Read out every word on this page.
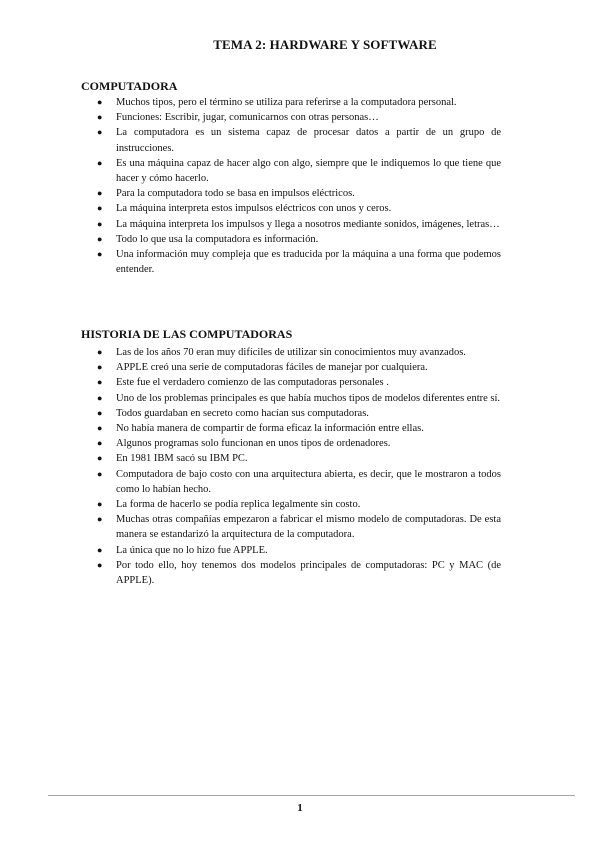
TEMA 2: HARDWARE Y SOFTWARE
COMPUTADORA
● Muchos tipos, pero el término se utiliza para referirse a la computadora personal.
● Funciones: Escribir, jugar, comunicarnos con otras personas…
● La computadora es un sistema capaz de procesar datos a partir de un grupo de instrucciones.
● Es una máquina capaz de hacer algo con algo, siempre que le indiquemos lo que tiene que hacer y cómo hacerlo.
● Para la computadora todo se basa en impulsos eléctricos.
● La máquina interpreta estos impulsos eléctricos con unos y ceros.
● La máquina interpreta los impulsos y llega a nosotros mediante sonidos, imágenes, letras…
● Todo lo que usa la computadora es información.
● Una información muy compleja que es traducida por la máquina a una forma que podemos entender.
HISTORIA DE LAS COMPUTADORAS
● Las de los años 70 eran muy difíciles de utilizar sin conocimientos muy avanzados.
● APPLE creó una serie de computadoras fáciles de manejar por cualquiera.
● Este fue el verdadero comienzo de las computadoras personales .
● Uno de los problemas principales es que había muchos tipos de modelos diferentes entre sí.
● Todos guardaban en secreto como hacían sus computadoras.
● No había manera de compartir de forma eficaz la información entre ellas.
● Algunos programas solo funcionan en unos tipos de ordenadores.
● En 1981 IBM sacó su IBM PC.
● Computadora de bajo costo con una arquitectura abierta, es decir, que le mostraron a todos como lo habían hecho.
● La forma de hacerlo se podía replica legalmente sin costo.
● Muchas otras compañías empezaron a fabricar el mismo modelo de computadoras. De esta manera se estandarizó la arquitectura de la computadora.
● La única que no lo hizo fue APPLE.
● Por todo ello, hoy tenemos dos modelos principales de computadoras: PC y MAC (de APPLE).
1
